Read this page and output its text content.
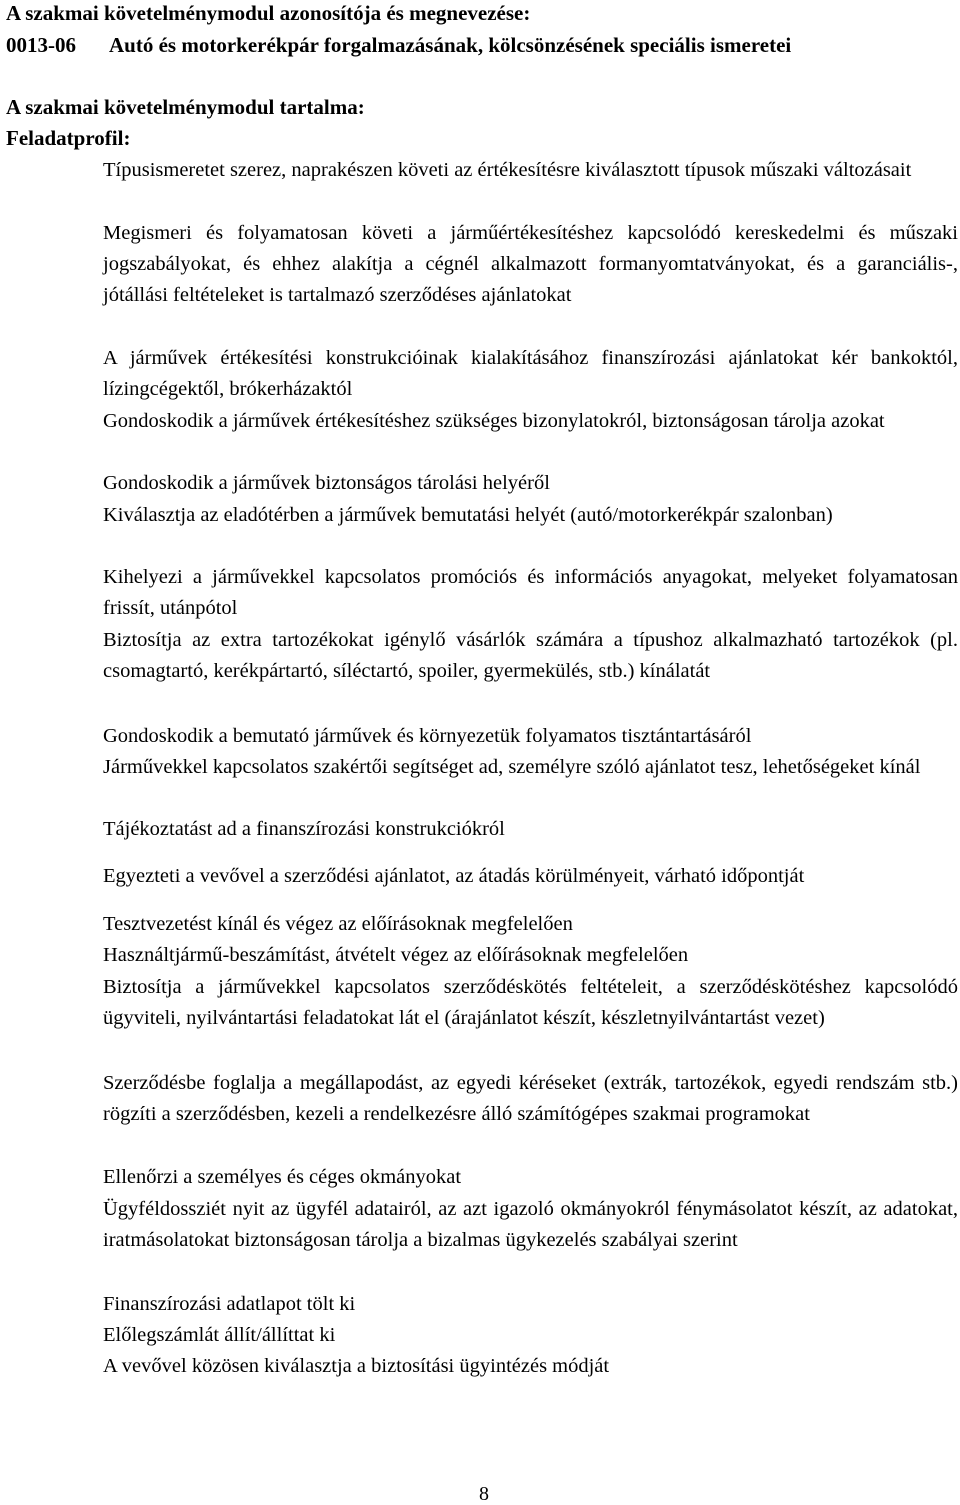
A szakmai követelménymodul azonosítója és megnevezése:
0013-06 Autó és motorkerékpár forgalmazásának, kölcsönzésének speciális ismeretei
A szakmai követelménymodul tartalma:
Feladatprofil:
Típusismeretet szerez, naprakészen követi az értékesítésre kiválasztott típusok műszaki változásait
Megismeri és folyamatosan követi a járműértékesítéshez kapcsolódó kereskedelmi és műszaki jogszabályokat, és ehhez alakítja a cégnél alkalmazott formanyomtatványokat, és a garanciális-, jótállási feltételeket is tartalmazó szerződéses ajánlatokat
A járművek értékesítési konstrukcióinak kialakításához finanszírozási ajánlatokat kér bankoktól, lízingcégektől, brókerházaktól
Gondoskodik a járművek értékesítéshez szükséges bizonylatokról, biztonságosan tárolja azokat
Gondoskodik a járművek biztonságos tárolási helyéről
Kiválasztja az eladótérben a járművek bemutatási helyét (autó/motorkerékpár szalonban)
Kihelyezi a járművekkel kapcsolatos promóciós és információs anyagokat, melyeket folyamatosan frissít, utánpótol
Biztosítja az extra tartozékokat igénylő vásárlók számára a típushoz alkalmazható tartozékok (pl. csomagtartó, kerékpártartó, síléctartó, spoiler, gyermekülés, stb.) kínálatát
Gondoskodik a bemutató járművek és környezetük folyamatos tisztántartásáról
Járművekkel kapcsolatos szakértői segítséget ad, személyre szóló ajánlatot tesz, lehetőségeket kínál
Tájékoztatást ad a finanszírozási konstrukciókról
Egyezteti a vevővel a szerződési ajánlatot, az átadás körülményeit, várható időpontját
Tesztvezetést kínál és végez az előírásoknak megfelelően
Használtjármű-beszámítást, átvételt végez az előírásoknak megfelelően
Biztosítja a járművekkel kapcsolatos szerződéskötés feltételeit, a szerződéskötéshez kapcsolódó ügyviteli, nyilvántartási feladatokat lát el (árajánlatot készít, készletnyilvántartást vezet)
Szerződésbe foglalja a megállapodást, az egyedi kéréseket (extrák, tartozékok, egyedi rendszám stb.) rögzíti a szerződésben, kezeli a rendelkezésre álló számítógépes szakmai programokat
Ellenőrzi a személyes és céges okmányokat
Ügyféldossziét nyit az ügyfél adatairól, az azt igazoló okmányokról fénymásolatot készít, az adatokat, iratmásolatokat biztonságosan tárolja a bizalmas ügykezelés szabályai szerint
Finanszírozási adatlapot tölt ki
Előlegszámlát állít/állíttat ki
A vevővel közösen kiválasztja a biztosítási ügyintézés módját
8
